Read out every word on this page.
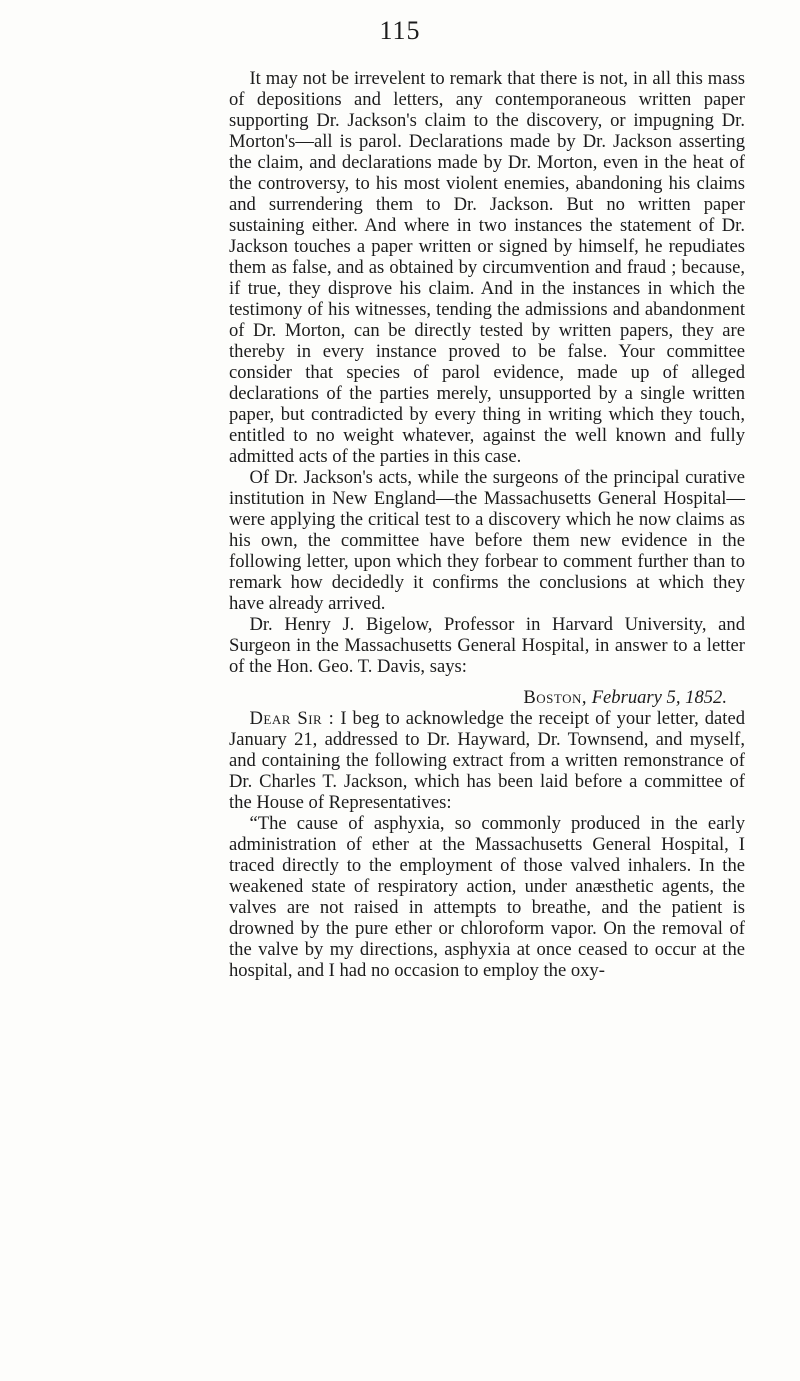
115

It may not be irrevelent to remark that there is not, in all this mass of depositions and letters, any contemporaneous written paper supporting Dr. Jackson's claim to the discovery, or impugning Dr. Morton's—all is parol. Declarations made by Dr. Jackson asserting the claim, and declarations made by Dr. Morton, even in the heat of the controversy, to his most violent enemies, abandoning his claims and surrendering them to Dr. Jackson. But no written paper sustaining either. And where in two instances the statement of Dr. Jackson touches a paper written or signed by himself, he repudiates them as false, and as obtained by circumvention and fraud ; because, if true, they disprove his claim. And in the instances in which the testimony of his witnesses, tending the admissions and abandonment of Dr. Morton, can be directly tested by written papers, they are thereby in every instance proved to be false. Your committee consider that species of parol evidence, made up of alleged declarations of the parties merely, unsupported by a single written paper, but contradicted by every thing in writing which they touch, entitled to no weight whatever, against the well known and fully admitted acts of the parties in this case.

Of Dr. Jackson's acts, while the surgeons of the principal curative institution in New England—the Massachusetts General Hospital—were applying the critical test to a discovery which he now claims as his own, the committee have before them new evidence in the following letter, upon which they forbear to comment further than to remark how decidedly it confirms the conclusions at which they have already arrived.

Dr. Henry J. Bigelow, Professor in Harvard University, and Surgeon in the Massachusetts General Hospital, in answer to a letter of the Hon. Geo. T. Davis, says:

Boston, February 5, 1852.

Dear Sir : I beg to acknowledge the receipt of your letter, dated January 21, addressed to Dr. Hayward, Dr. Townsend, and myself, and containing the following extract from a written remonstrance of Dr. Charles T. Jackson, which has been laid before a committee of the House of Representatives:

“The cause of asphyxia, so commonly produced in the early administration of ether at the Massachusetts General Hospital, I traced directly to the employment of those valved inhalers. In the weakened state of respiratory action, under anæsthetic agents, the valves are not raised in attempts to breathe, and the patient is drowned by the pure ether or chloroform vapor. On the removal of the valve by my directions, asphyxia at once ceased to occur at the hospital, and I had no occasion to employ the oxy-
